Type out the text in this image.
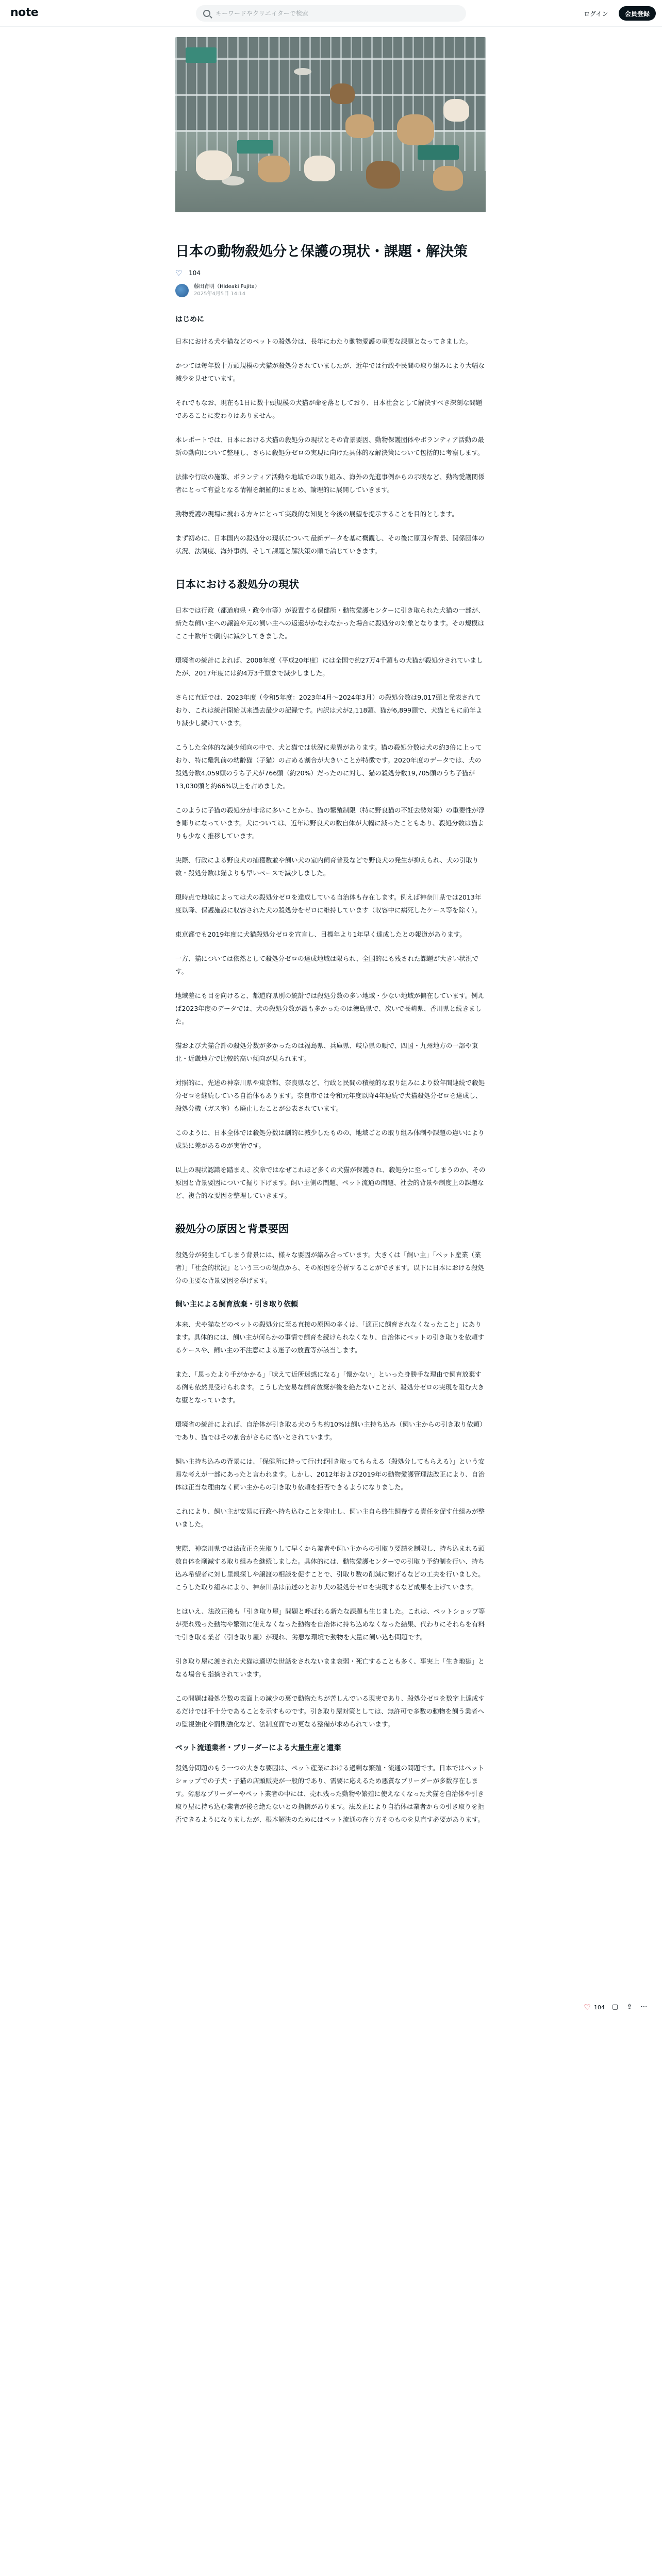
note
キーワードやクリエイターで検索	ログイン	会員登録
日本の動物殺処分と保護の現状・課題・解決策
♡ 104
藤田育明（Hideaki Fujita）
2025年4月5日 14:14
はじめに

日本における犬や猫などのペットの殺処分は、長年にわたり動物愛護の重要な課題となってきました。

かつては毎年数十万頭規模の犬猫が殺処分されていましたが、近年では行政や民間の取り組みにより大幅な減少を見せています。

それでもなお、現在も1日に数十頭規模の犬猫が命を落としており、日本社会として解決すべき深刻な問題であることに変わりはありません。

本レポートでは、日本における犬猫の殺処分の現状とその背景要因、動物保護団体やボランティア活動の最新の動向について整理し、さらに殺処分ゼロの実現に向けた具体的な解決策について包括的に考察します。

法律や行政の施策、ボランティア活動や地域での取り組み、海外の先進事例からの示唆など、動物愛護関係者にとって有益となる情報を網羅的にまとめ、論理的に展開していきます。

動物愛護の現場に携わる方々にとって実践的な知見と今後の展望を提示することを目的とします。

まず初めに、日本国内の殺処分の現状について最新データを基に概観し、その後に原因や背景、関係団体の状況、法制度、海外事例、そして課題と解決策の順で論じていきます。

日本における殺処分の現状

日本では行政（都道府県・政令市等）が設置する保健所・動物愛護センターに引き取られた犬猫の一部が、新たな飼い主への譲渡や元の飼い主への返還がかなわなかった場合に殺処分の対象となります。その規模はここ十数年で劇的に減少してきました。

環境省の統計によれば、2008年度（平成20年度）には全国で約27万4千頭もの犬猫が殺処分されていましたが、2017年度には約4万3千頭まで減少しました。

さらに直近では、2023年度（令和5年度：2023年4月〜2024年3月）の殺処分数は9,017頭と発表されており、これは統計開始以来過去最少の記録です。内訳は犬が2,118頭、猫が6,899頭で、犬猫ともに前年より減少し続けています。

こうした全体的な減少傾向の中で、犬と猫では状況に差異があります。猫の殺処分数は犬の約3倍に上っており、特に離乳前の幼齢猫（子猫）の占める割合が大きいことが特徴です。2020年度のデータでは、犬の殺処分数4,059頭のうち子犬が766頭（約20%）だったのに対し、猫の殺処分数19,705頭のうち子猫が13,030頭と約66%以上を占めました。

このように子猫の殺処分が非常に多いことから、猫の繁殖制限（特に野良猫の不妊去勢対策）の重要性が浮き彫りになっています。犬については、近年は野良犬の数自体が大幅に減ったこともあり、殺処分数は猫よりも少なく推移しています。

実際、行政による野良犬の捕獲数並や飼い犬の室内飼育普及などで野良犬の発生が抑えられ、犬の引取り数・殺処分数は猫よりも早いペースで減少しました。

現時点で地域によっては犬の殺処分ゼロを達成している自治体も存在します。例えば神奈川県では2013年度以降、保護施設に収容された犬の殺処分をゼロに維持しています（収容中に病死したケース等を除く）。

東京都でも2019年度に犬猫殺処分ゼロを宣言し、目標年より1年早く達成したとの報道があります。

一方、猫については依然として殺処分ゼロの達成地域は限られ、全国的にも残された課題が大きい状況です。

地域差にも目を向けると、都道府県別の統計では殺処分数の多い地域・少ない地域が偏在しています。例えば2023年度のデータでは、犬の殺処分数が最も多かったのは徳島県で、次いで長崎県、香川県と続きました。

猫および犬猫合計の殺処分数が多かったのは福島県、兵庫県、岐阜県の順で、四国・九州地方の一部や東北・近畿地方で比較的高い傾向が見られます。

対照的に、先述の神奈川県や東京都、奈良県など、行政と民間の積極的な取り組みにより数年間連続で殺処分ゼロを継続している自治体もあります。奈良市では令和元年度以降4年連続で犬猫殺処分ゼロを達成し、殺処分機（ガス室）も廃止したことが公表されています。

このように、日本全体では殺処分数は劇的に減少したものの、地域ごとの取り組み体制や課題の違いにより成果に差があるのが実情です。

以上の現状認識を踏まえ、次章ではなぜこれほど多くの犬猫が保護され、殺処分に至ってしまうのか、その原因と背景要因について掘り下げます。飼い主側の問題、ペット流通の問題、社会的背景や制度上の課題など、複合的な要因を整理していきます。

殺処分の原因と背景要因

殺処分が発生してしまう背景には、様々な要因が絡み合っています。大きくは「飼い主」「ペット産業（業者）」「社会的状況」という三つの観点から、その原因を分析することができます。以下に日本における殺処分の主要な背景要因を挙げます。

飼い主による飼育放棄・引き取り依頼

本来、犬や猫などのペットの殺処分に至る直接の原因の多くは、「適正に飼育されなくなったこと」にあります。具体的には、飼い主が何らかの事情で飼育を続けられなくなり、自治体にペットの引き取りを依頼するケースや、飼い主の不注意による迷子の放置等が該当します。

また、「思ったより手がかかる」「吠えて近所迷惑になる」「懐かない」といった身勝手な理由で飼育放棄する例も依然見受けられます。こうした安易な飼育放棄が後を絶たないことが、殺処分ゼロの実現を阻む大きな壁となっています。

環境省の統計によれば、自治体が引き取る犬のうち約10%は飼い主持ち込み（飼い主からの引き取り依頼）であり、猫ではその割合がさらに高いとされています。

飼い主持ち込みの背景には、「保健所に持って行けば引き取ってもらえる（殺処分してもらえる）」という安易な考えが一部にあったと言われます。しかし、2012年および2019年の動物愛護管理法改正により、自治体は正当な理由なく飼い主からの引き取り依頼を拒否できるようになりました。

これにより、飼い主が安易に行政へ持ち込むことを抑止し、飼い主自ら終生飼養する責任を促す仕組みが整いました。

実際、神奈川県では法改正を先取りして早くから業者や飼い主からの引取り要請を制限し、持ち込まれる頭数自体を削減する取り組みを継続しました。具体的には、動物愛護センターでの引取り予約制を行い、持ち込み希望者に対し里親探しや譲渡の相談を促すことで、引取り数の削減に繋げるなどの工夫を行いました。こうした取り組みにより、神奈川県は前述のとおり犬の殺処分ゼロを実現するなど成果を上げています。

とはいえ、法改正後も「引き取り屋」問題と呼ばれる新たな課題も生じました。これは、ペットショップ等が売れ残った動物や繁殖に使えなくなった動物を自治体に持ち込めなくなった結果、代わりにそれらを有料で引き取る業者（引き取り屋）が現れ、劣悪な環境で動物を大量に飼い込む問題です。

引き取り屋に渡された犬猫は適切な世話をされないまま衰弱・死亡することも多く、事実上「生き地獄」となる場合も指摘されています。

この問題は殺処分数の表面上の減少の裏で動物たちが苦しんでいる現実であり、殺処分ゼロを数字上達成するだけでは不十分であることを示すものです。引き取り屋対策としては、無許可で多数の動物を飼う業者への監視強化や罰則強化など、法制度面での更なる整備が求められています。

ペット流通業者・ブリーダーによる大量生産と遺棄

殺処分問題のもう一つの大きな要因は、ペット産業における過剰な繁殖・流通の問題です。日本ではペットショップでの子犬・子猫の店頭販売が一般的であり、需要に応えるため悪質なブリーダーが多数存在します。劣悪なブリーダーやペット業者の中には、売れ残った動物や繁殖に使えなくなった犬猫を自治体や引き取り屋に持ち込む業者が後を絶たないとの指摘があります。法改正により自治体は業者からの引き取りを拒否できるようになりましたが、根本解決のためにはペット流通の在り方そのものを見直す必要があります。

♡ 104 ▢ ⇪ ⋯
